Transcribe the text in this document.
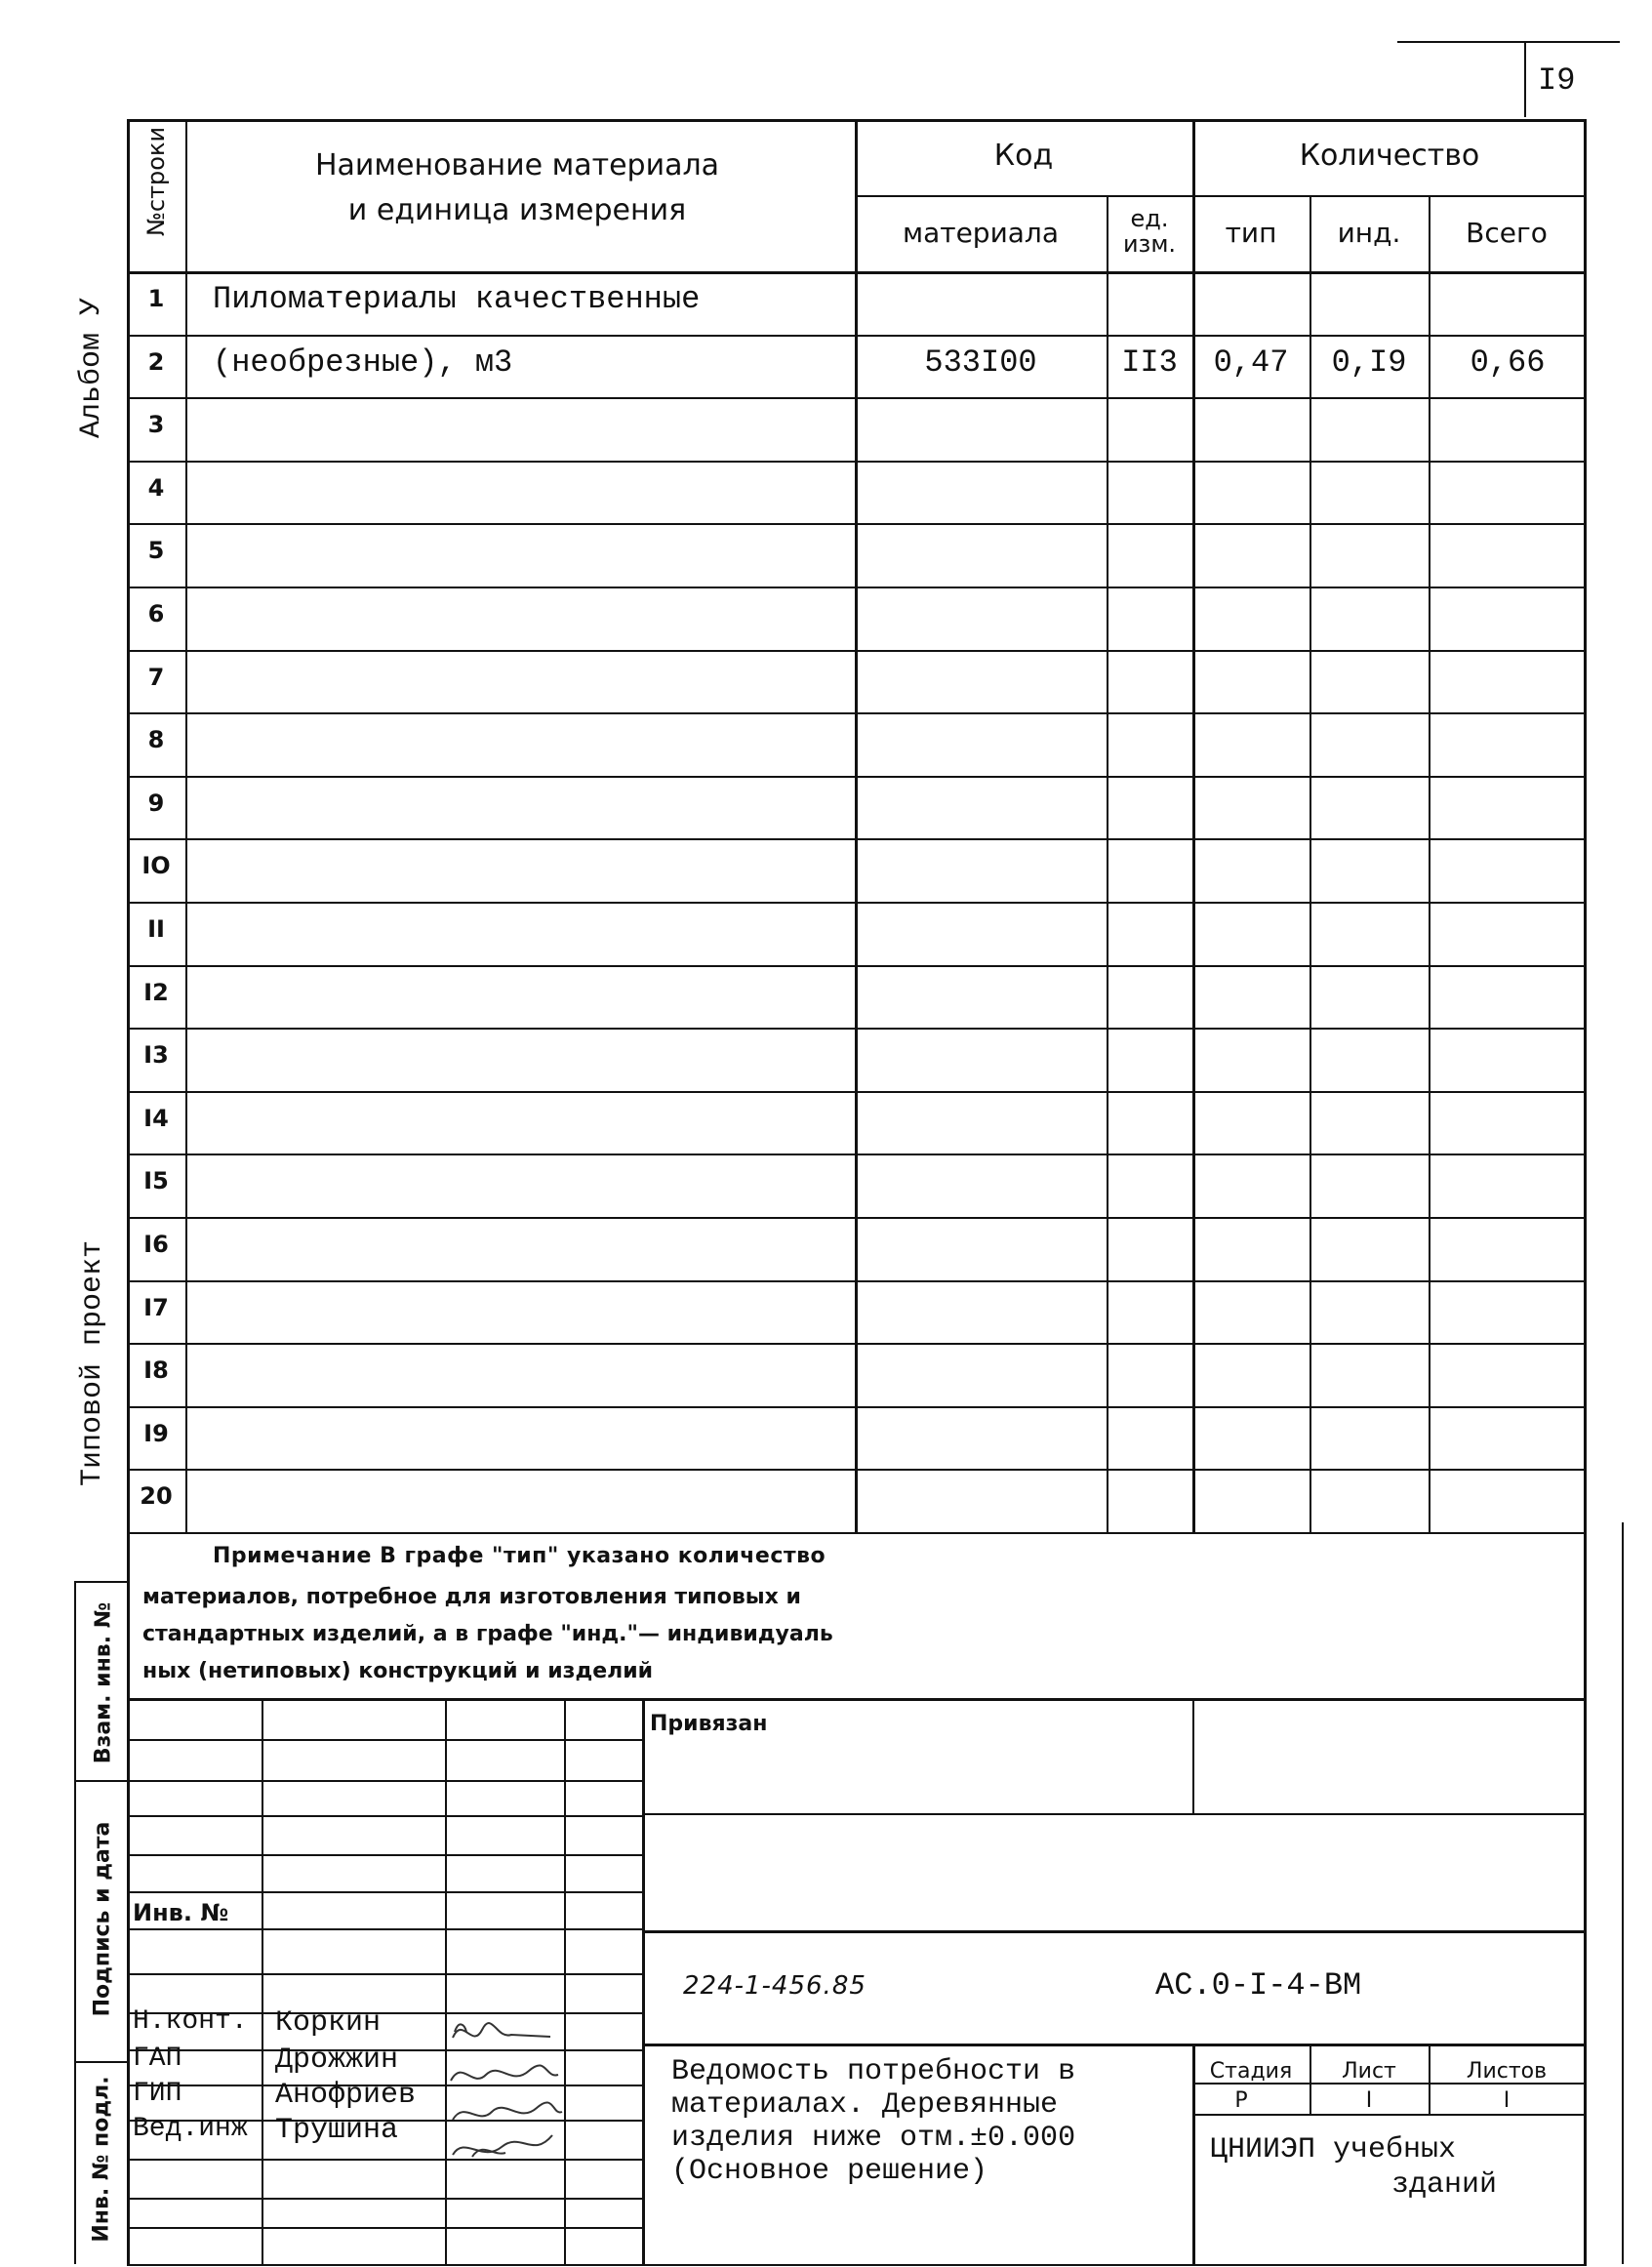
I9
Альбом У
Типовой проект
Взам. инв. №
Подпись и дата
Инв. № подл.
№строки	Наименование материала
и единица измерения
Код
материала	ед.
изм.
Количество
тип	инд.	Всего
1	Пиломатериалы качественные
2	(необрезные), м3	533I00	II3	0,47	0,I9	0,66
3
4
5
6
7
8
9
IO
II
I2
I3
I4
I5
I6
I7
I8
I9
20
Примечание В графе "тип" указано количество
материалов, потребное для изготовления типовых и
стандартных изделий, а в графе "инд."— индивидуаль
ных (нетиповых) конструкций и изделий
Привязан
Инв. №
224-1-456.85	АС.0-I-4-ВМ
Н.конт. Коркин
ГАП	Дрожжин
ГИП	Анофриев
Вед.инж Трушина
Ведомость потребности в
материалах. Деревянные
изделия ниже отм.±0.000
(Основное решение)
Стадия	Лист	Листов
Р	I	I
ЦНИИЭП учебных
зданий
